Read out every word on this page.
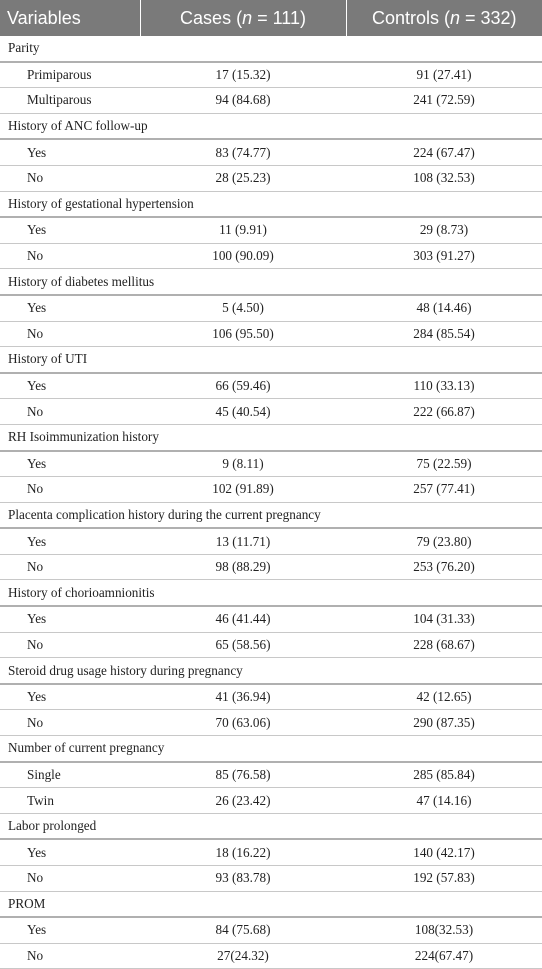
Variables	Cases (n = 111)	Controls (n = 332)
Parity		
Primiparous	17 (15.32)	91 (27.41)
Multiparous	94 (84.68)	241 (72.59)
History of ANC follow-up		
Yes	83 (74.77)	224 (67.47)
No	28 (25.23)	108 (32.53)
History of gestational hypertension		
Yes	11 (9.91)	29 (8.73)
No	100 (90.09)	303 (91.27)
History of diabetes mellitus		
Yes	5 (4.50)	48 (14.46)
No	106 (95.50)	284 (85.54)
History of UTI		
Yes	66 (59.46)	110 (33.13)
No	45 (40.54)	222 (66.87)
RH Isoimmunization history		
Yes	9 (8.11)	75 (22.59)
No	102 (91.89)	257 (77.41)
Placenta complication history during the current pregnancy		
Yes	13 (11.71)	79 (23.80)
No	98 (88.29)	253 (76.20)
History of chorioamnionitis		
Yes	46 (41.44)	104 (31.33)
No	65 (58.56)	228 (68.67)
Steroid drug usage history during pregnancy		
Yes	41 (36.94)	42 (12.65)
No	70 (63.06)	290 (87.35)
Number of current pregnancy		
Single	85 (76.58)	285 (85.84)
Twin	26 (23.42)	47 (14.16)
Labor prolonged		
Yes	18 (16.22)	140 (42.17)
No	93 (83.78)	192 (57.83)
PROM		
Yes	84 (75.68)	108(32.53)
No	27(24.32)	224(67.47)
